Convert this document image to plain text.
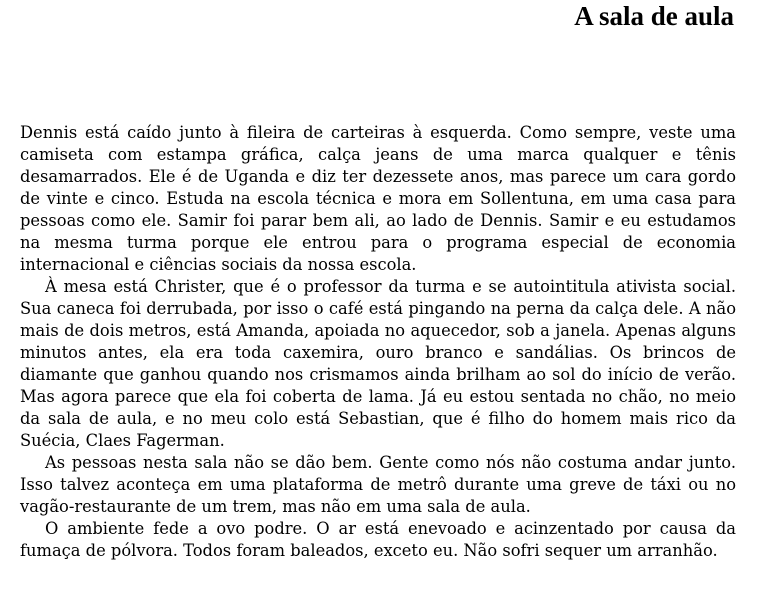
A sala de aula

Dennis está caído junto à fileira de carteiras à esquerda. Como sempre, veste uma camiseta com estampa gráfica, calça jeans de uma marca qualquer e tênis desamarrados. Ele é de Uganda e diz ter dezessete anos, mas parece um cara gordo de vinte e cinco. Estuda na escola técnica e mora em Sollentuna, em uma casa para pessoas como ele. Samir foi parar bem ali, ao lado de Dennis. Samir e eu estudamos na mesma turma porque ele entrou para o programa especial de economia internacional e ciências sociais da nossa escola.

À mesa está Christer, que é o professor da turma e se autointitula ativista social. Sua caneca foi derrubada, por isso o café está pingando na perna da calça dele. A não mais de dois metros, está Amanda, apoiada no aquecedor, sob a janela. Apenas alguns minutos antes, ela era toda caxemira, ouro branco e sandálias. Os brincos de diamante que ganhou quando nos crismamos ainda brilham ao sol do início de verão. Mas agora parece que ela foi coberta de lama. Já eu estou sentada no chão, no meio da sala de aula, e no meu colo está Sebastian, que é filho do homem mais rico da Suécia, Claes Fagerman.

As pessoas nesta sala não se dão bem. Gente como nós não costuma andar junto. Isso talvez aconteça em uma plataforma de metrô durante uma greve de táxi ou no vagão-restaurante de um trem, mas não em uma sala de aula.

O ambiente fede a ovo podre. O ar está enevoado e acinzentado por causa da fumaça de pólvora. Todos foram baleados, exceto eu. Não sofri sequer um arranhão.
